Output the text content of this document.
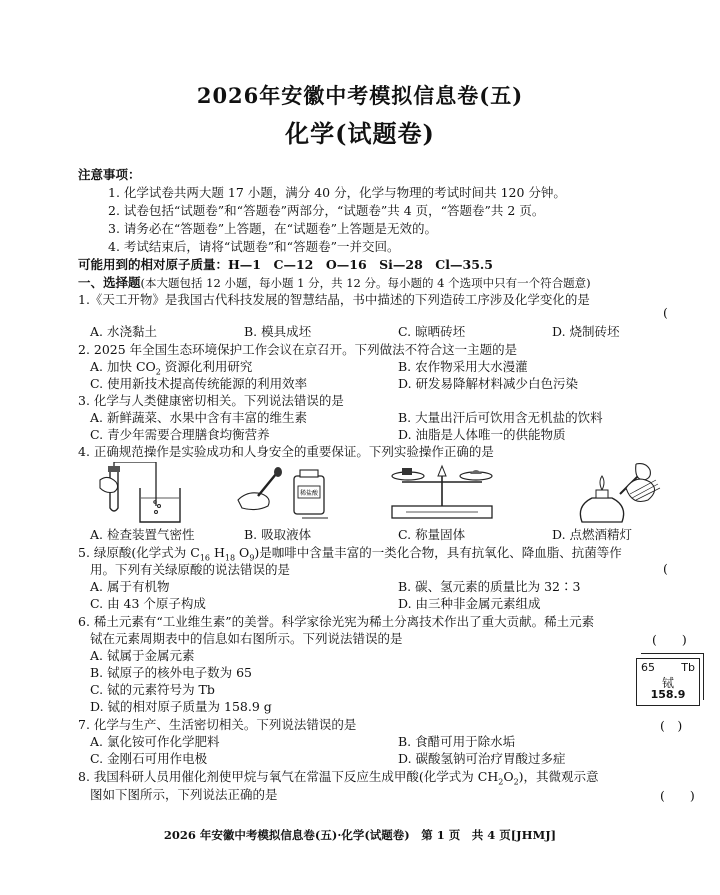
2026年安徽中考模拟信息卷(五)
化学(试题卷)
注意事项：
1. 化学试卷共两大题 17 小题，满分 40 分，化学与物理的考试时间共 120 分钟。
2. 试卷包括“试题卷”和“答题卷”两部分，“试题卷”共 4 页，“答题卷”共 2 页。
3. 请务必在“答题卷”上答题，在“试题卷”上答题是无效的。
4. 考试结束后，请将“试题卷”和“答题卷”一并交回。
可能用到的相对原子质量：H—1　C—12　O—16　Si—28　Cl—35.5
一、选择题(本大题包括 12 小题，每小题 1 分，共 12 分。每小题的 4 个选项中只有一个符合题意)
1.《天工开物》是我国古代科技发展的智慧结晶，书中描述的下列造砖工序涉及化学变化的是
(
A. 水浇黏土	B. 模具成坯	C. 晾晒砖坯	D. 烧制砖坯
2. 2025 年全国生态环境保护工作会议在京召开。下列做法不符合这一主题的是
A. 加快 $CO_2$ 资源化利用研究	B. 农作物采用大水漫灌
C. 使用新技术提高传统能源的利用效率	D. 研发易降解材料减少白色污染
3. 化学与人类健康密切相关。下列说法错误的是
A. 新鲜蔬菜、水果中含有丰富的维生素	B. 大量出汗后可饮用含无机盐的饮料
C. 青少年需要合理膳食均衡营养	D. 油脂是人体唯一的供能物质
4. 正确规范操作是实验成功和人身安全的重要保证。下列实验操作正确的是
稀盐酸
A. 检查装置气密性	B. 吸取液体	C. 称量固体	D. 点燃酒精灯
5. 绿原酸(化学式为 $C_{16}$ $H_{18}$ $O_9$)是咖啡中含量丰富的一类化合物，具有抗氧化、降血脂、抗菌等作
用。下列有关绿原酸的说法错误的是	(
A. 属于有机物	B. 碳、氢元素的质量比为 32∶3
C. 由 43 个原子构成	D. 由三种非金属元素组成
6. 稀土元素有“工业维生素”的美誉。科学家徐光宪为稀土分离技术作出了重大贡献。稀土元素
铽在元素周期表中的信息如右图所示。下列说法错误的是	(　　)
A. 铽属于金属元素
B. 铽原子的核外电子数为 65
C. 铽的元素符号为 Tb
D. 铽的相对原子质量为 158.9 g
65 Tb
铽
158.9
7. 化学与生产、生活密切相关。下列说法错误的是	(　)
A. 氯化铵可作化学肥料	B. 食醋可用于除水垢
C. 金刚石可用作电极	D. 碳酸氢钠可治疗胃酸过多症
8. 我国科研人员用催化剂使甲烷与氧气在常温下反应生成甲酸(化学式为 $CH_2O_2$)，其微观示意
图如下图所示，下列说法正确的是	(　　)
2026 年安徽中考模拟信息卷(五)·化学(试题卷)　第 1 页　共 4 页[JHMJ]
